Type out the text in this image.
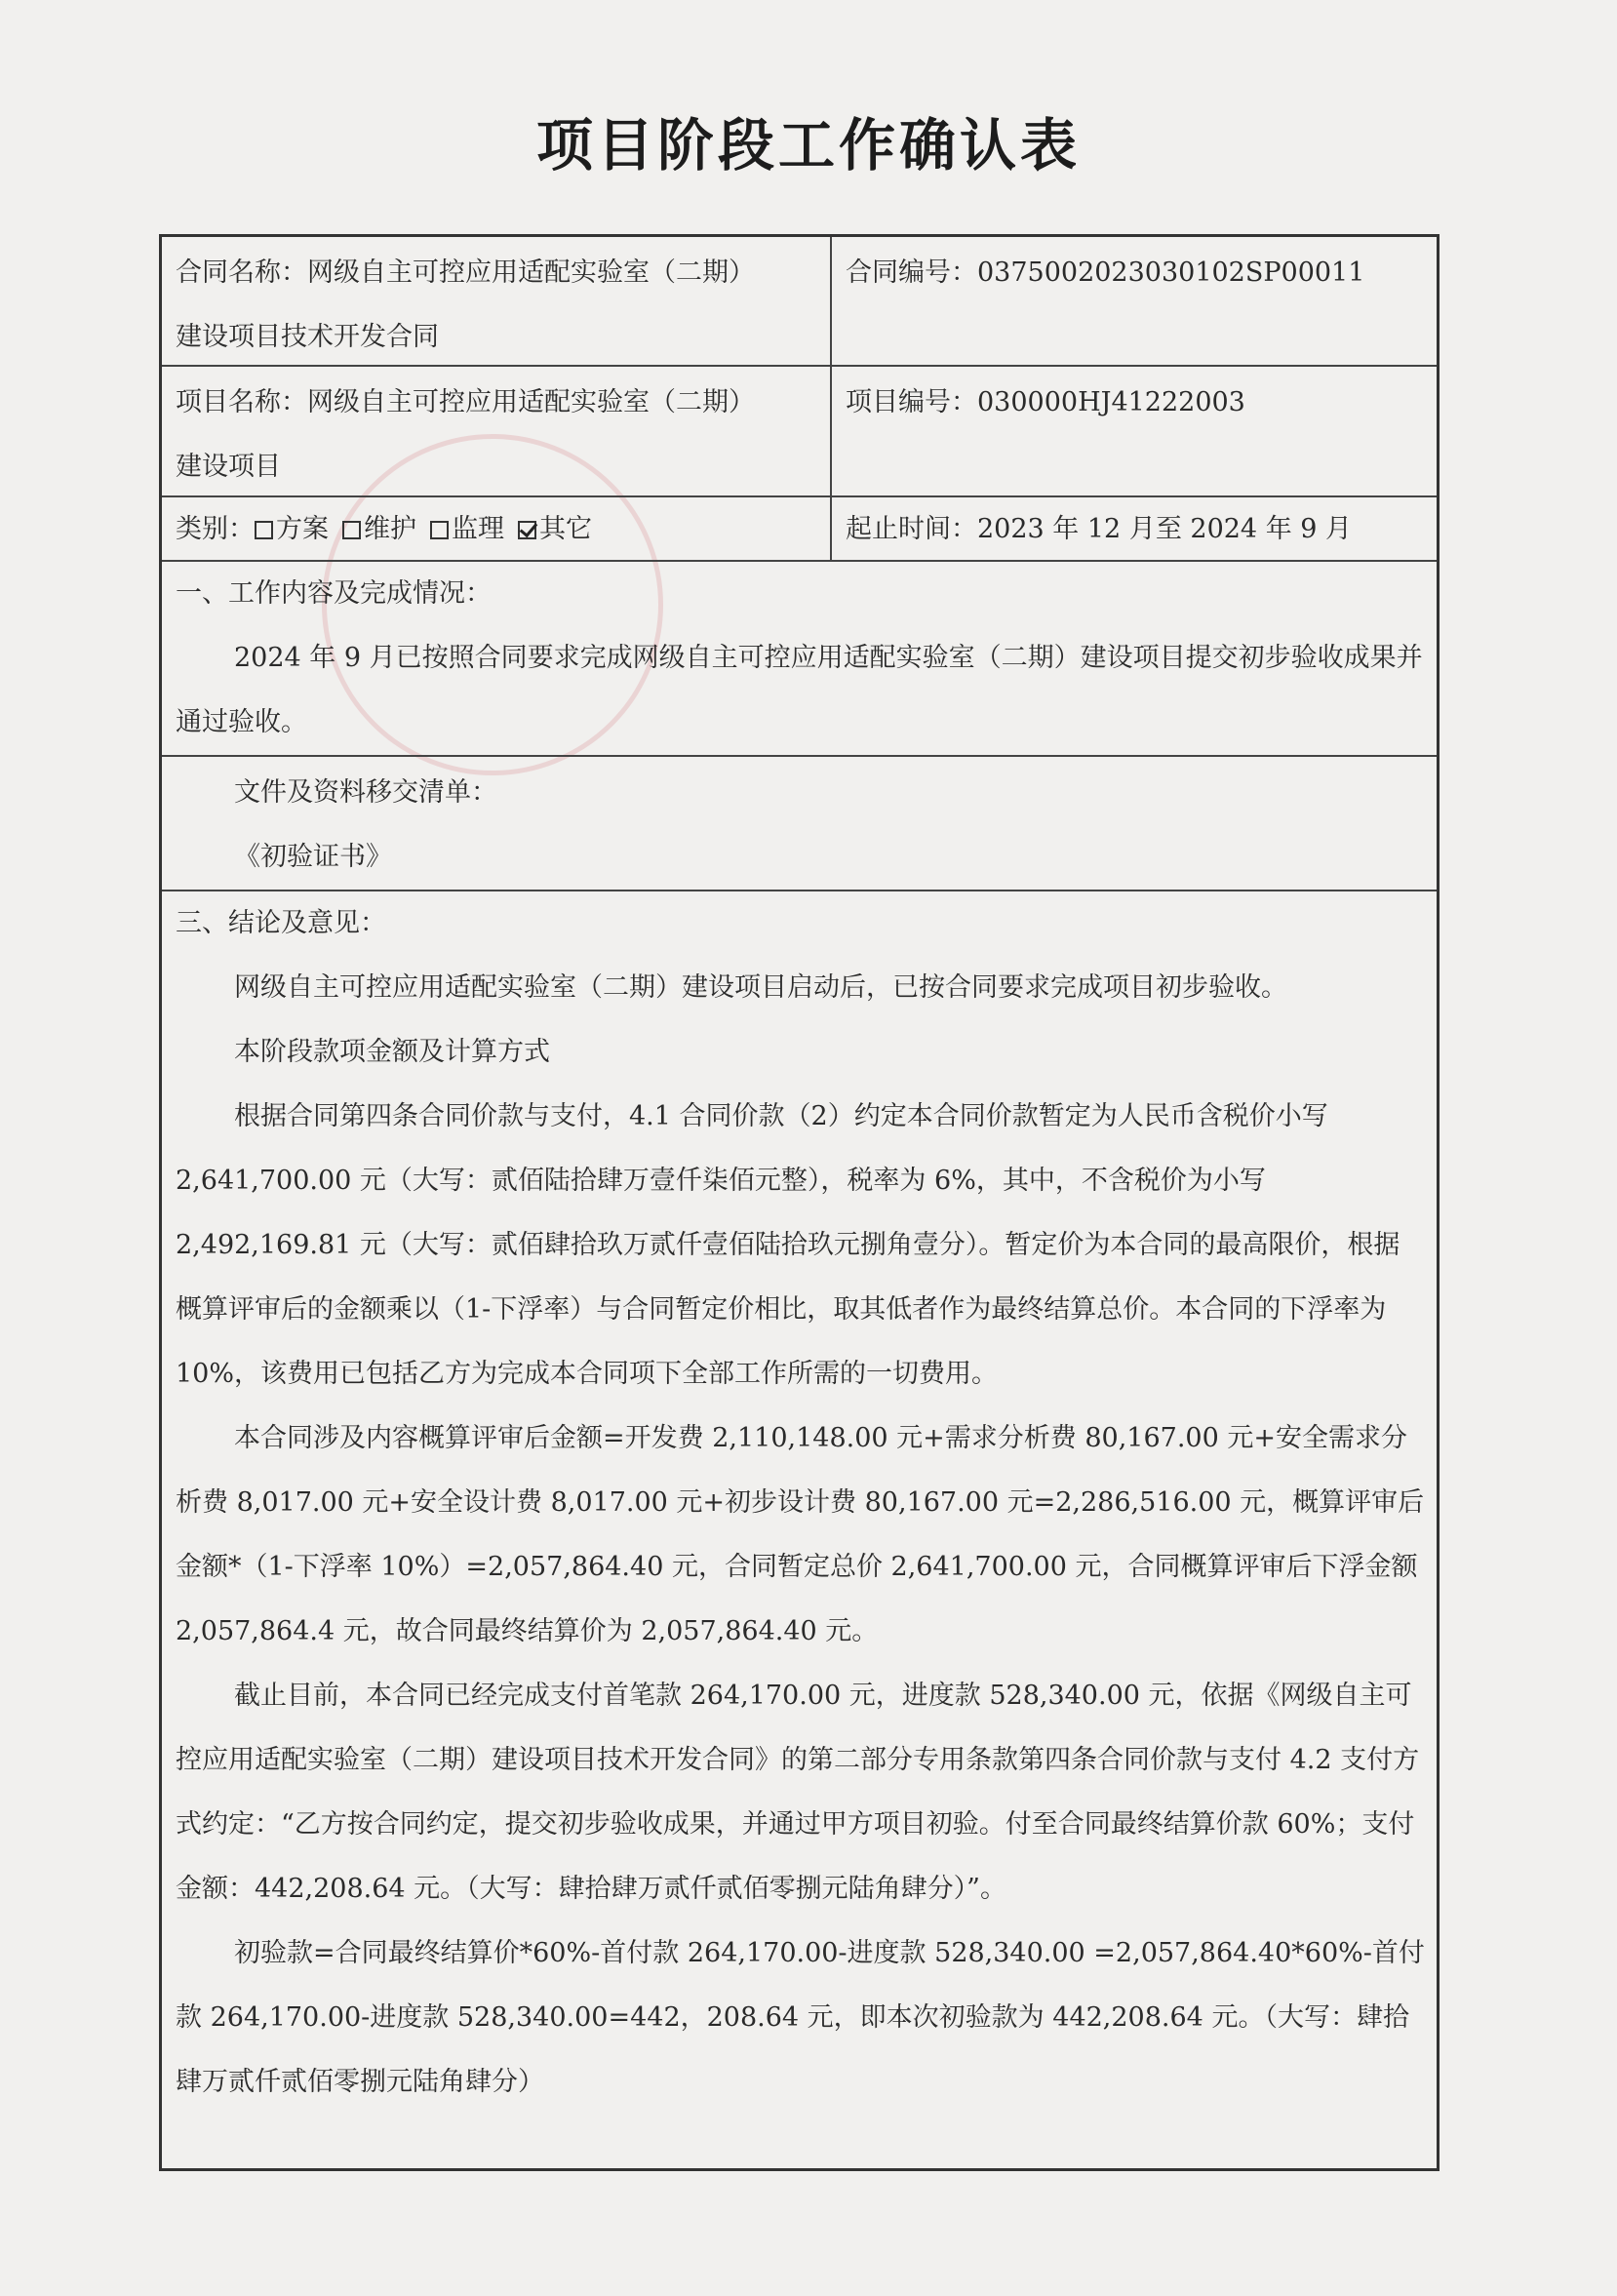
项目阶段工作确认表
合同名称：网级自主可控应用适配实验室（二期）
建设项目技术开发合同
合同编号：0375002023030102SP00011
项目名称：网级自主可控应用适配实验室（二期）
建设项目
项目编号：030000HJ41222003
类别： 方案 维护 监理 其它	起止时间：2023 年 12 月至 2024 年 9 月

一、工作内容及完成情况：

2024 年 9 月已按照合同要求完成网级自主可控应用适配实验室（二期）建设项目提交初步验收成果并通过验收。

文件及资料移交清单：

《初验证书》

三、结论及意见：

网级自主可控应用适配实验室（二期）建设项目启动后，已按合同要求完成项目初步验收。

本阶段款项金额及计算方式

根据合同第四条合同价款与支付，4.1 合同价款（2）约定本合同价款暂定为人民币含税价小写 2,641,700.00 元（大写：贰佰陆拾肆万壹仟柒佰元整），税率为 6%，其中，不含税价为小写 2,492,169.81 元（大写：贰佰肆拾玖万贰仟壹佰陆拾玖元捌角壹分）。暂定价为本合同的最高限价，根据概算评审后的金额乘以（1-下浮率）与合同暂定价相比，取其低者作为最终结算总价。本合同的下浮率为 10%，该费用已包括乙方为完成本合同项下全部工作所需的一切费用。

本合同涉及内容概算评审后金额=开发费 2,110,148.00 元+需求分析费 80,167.00 元+安全需求分析费 8,017.00 元+安全设计费 8,017.00 元+初步设计费 80,167.00 元=2,286,516.00 元，概算评审后金额*（1-下浮率 10%）=2,057,864.40 元，合同暂定总价 2,641,700.00 元，合同概算评审后下浮金额 2,057,864.4 元，故合同最终结算价为 2,057,864.40 元。

截止目前，本合同已经完成支付首笔款 264,170.00 元，进度款 528,340.00 元，依据《网级自主可控应用适配实验室（二期）建设项目技术开发合同》的第二部分专用条款第四条合同价款与支付 4.2 支付方式约定：“乙方按合同约定，提交初步验收成果，并通过甲方项目初验。付至合同最终结算价款 60%；支付金额：442,208.64 元。（大写：肆拾肆万贰仟贰佰零捌元陆角肆分）”。

初验款=合同最终结算价*60%-首付款 264,170.00-进度款 528,340.00 =2,057,864.40*60%-首付款 264,170.00-进度款 528,340.00=442，208.64 元，即本次初验款为 442,208.64 元。（大写：肆拾肆万贰仟贰佰零捌元陆角肆分）
